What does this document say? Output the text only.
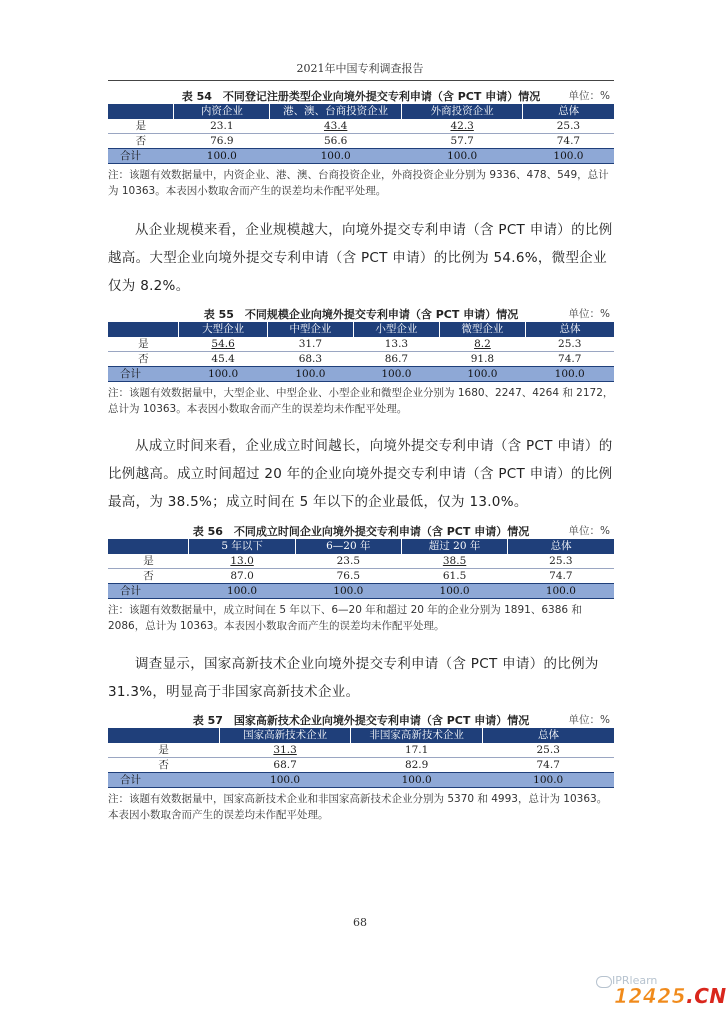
2021年中国专利调查报告
表 54　不同登记注册类型企业向境外提交专利申请（含 PCT 申请）情况	单位：%
	内资企业	港、澳、台商投资企业	外商投资企业	总体
是	23.1	43.4	42.3	25.3
否	76.9	56.6	57.7	74.7
合计	100.0	100.0	100.0	100.0
注：该题有效数据量中，内资企业、港、澳、台商投资企业，外商投资企业分别为 9336、478、549，总计为 10363。本表因小数取舍而产生的误差均未作配平处理。
从企业规模来看，企业规模越大，向境外提交专利申请（含 PCT 申请）的比例越高。大型企业向境外提交专利申请（含 PCT 申请）的比例为 54.6%，微型企业仅为 8.2%。
表 55　不同规模企业向境外提交专利申请（含 PCT 申请）情况	单位：%
	大型企业	中型企业	小型企业	微型企业	总体
是	54.6	31.7	13.3	8.2	25.3
否	45.4	68.3	86.7	91.8	74.7
合计	100.0	100.0	100.0	100.0	100.0
注：该题有效数据量中，大型企业、中型企业、小型企业和微型企业分别为 1680、2247、4264 和 2172，总计为 10363。本表因小数取舍而产生的误差均未作配平处理。
从成立时间来看，企业成立时间越长，向境外提交专利申请（含 PCT 申请）的比例越高。成立时间超过 20 年的企业向境外提交专利申请（含 PCT 申请）的比例最高，为 38.5%；成立时间在 5 年以下的企业最低，仅为 13.0%。
表 56　不同成立时间企业向境外提交专利申请（含 PCT 申请）情况	单位：%
	5 年以下	6—20 年	超过 20 年	总体
是	13.0	23.5	38.5	25.3
否	87.0	76.5	61.5	74.7
合计	100.0	100.0	100.0	100.0
注：该题有效数据量中，成立时间在 5 年以下、6—20 年和超过 20 年的企业分别为 1891、6386 和 2086，总计为 10363。本表因小数取舍而产生的误差均未作配平处理。
调查显示，国家高新技术企业向境外提交专利申请（含 PCT 申请）的比例为 31.3%，明显高于非国家高新技术企业。
表 57　国家高新技术企业向境外提交专利申请（含 PCT 申请）情况	单位：%
	国家高新技术企业	非国家高新技术企业	总体
是	31.3	17.1	25.3
否	68.7	82.9	74.7
合计	100.0	100.0	100.0
注：该题有效数据量中，国家高新技术企业和非国家高新技术企业分别为 5370 和 4993，总计为 10363。本表因小数取舍而产生的误差均未作配平处理。
68
IPRlearn
12425.CN
